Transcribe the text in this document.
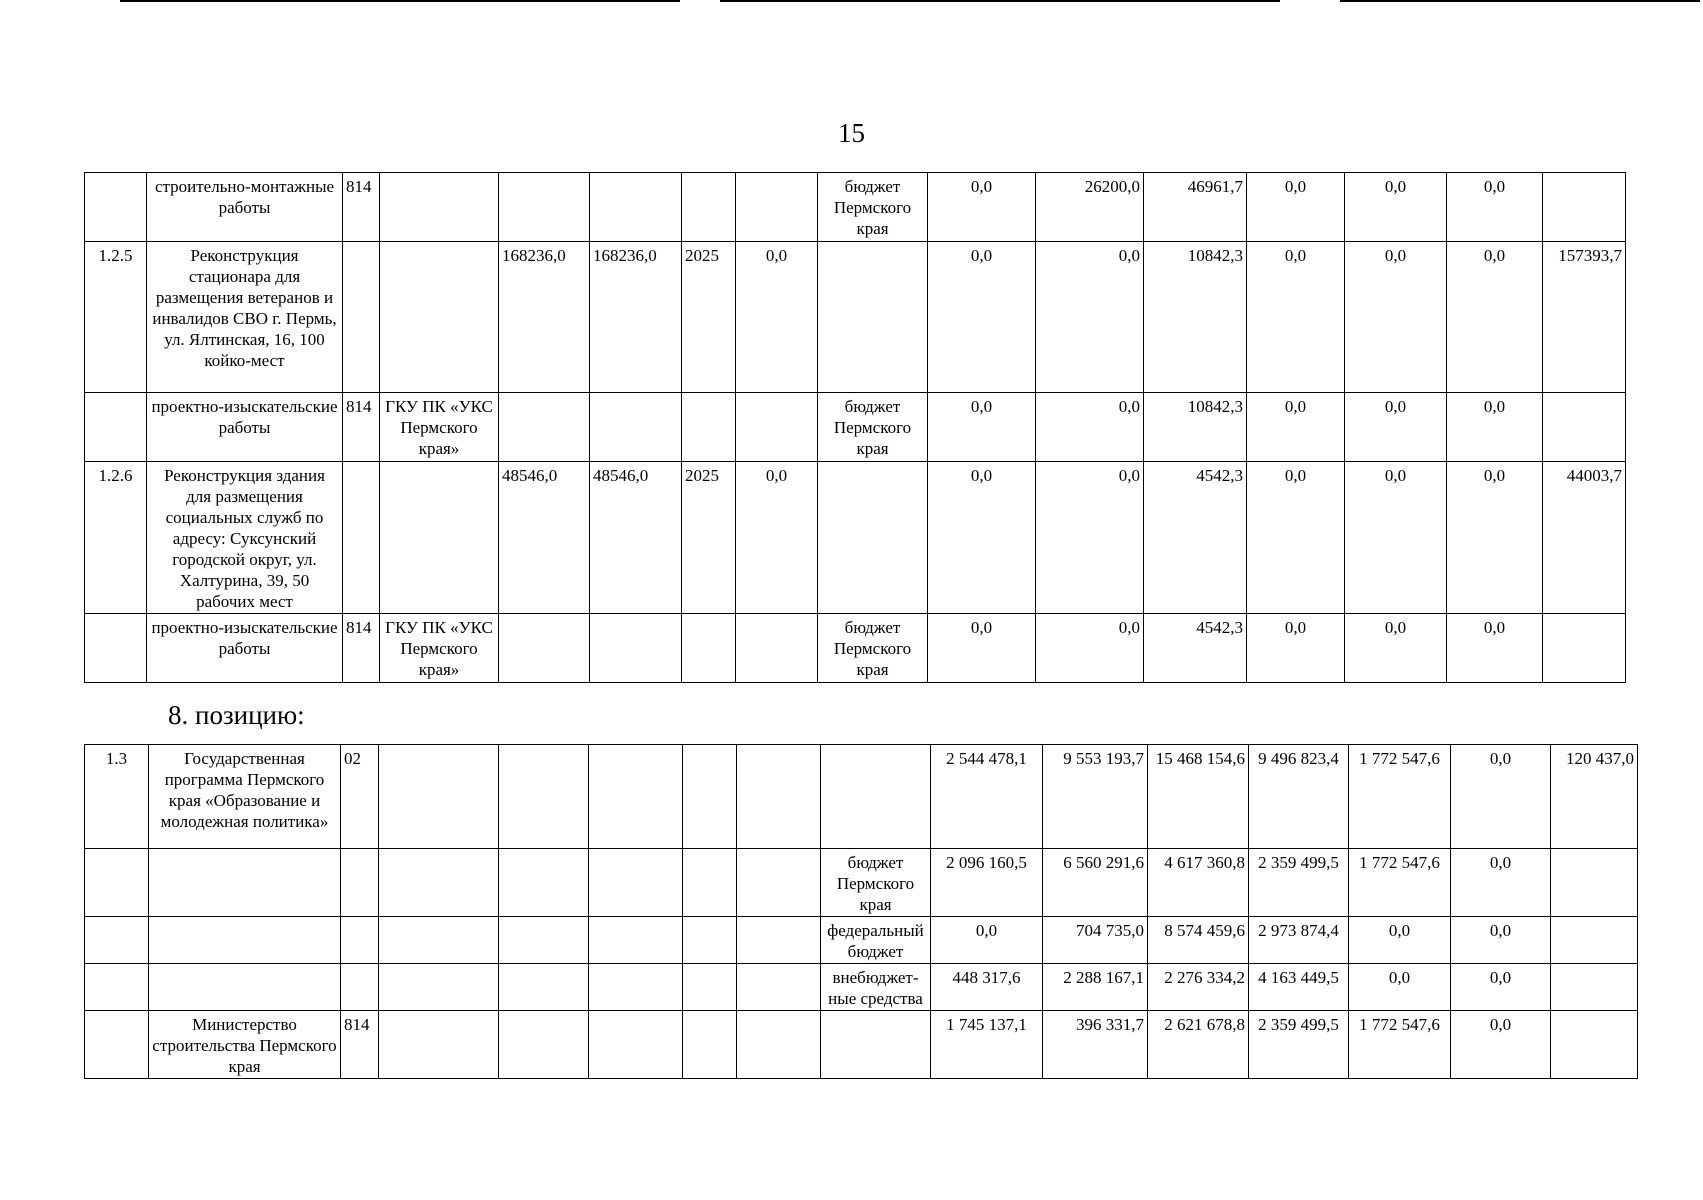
15
	строительно-монтажные работы	814						бюджет Пермского края	0,0	26200,0	46961,7	0,0	0,0	0,0	
1.2.5	Реконструкция стационара для размещения ветеранов и инвалидов СВО г. Пермь, ул. Ялтинская, 16, 100 койко-мест			168236,0	168236,0	2025	0,0		0,0	0,0	10842,3	0,0	0,0	0,0	157393,7
	проектно-изыскательские работы	814	ГКУ ПК «УКС Пермского края»					бюджет Пермского края	0,0	0,0	10842,3	0,0	0,0	0,0	
1.2.6	Реконструкция здания для размещения социальных служб по адресу: Суксунский городской округ, ул. Халтурина, 39, 50 рабочих мест			48546,0	48546,0	2025	0,0		0,0	0,0	4542,3	0,0	0,0	0,0	44003,7
	проектно-изыскательские работы	814	ГКУ ПК «УКС Пермского края»					бюджет Пермского края	0,0	0,0	4542,3	0,0	0,0	0,0	
8. позицию:
1.3	Государственная программа Пермского края «Образование и молодежная политика»	02							2 544 478,1	9 553 193,7	15 468 154,6	9 496 823,4	1 772 547,6	0,0	120 437,0
								бюджет Пермского края	2 096 160,5	6 560 291,6	4 617 360,8	2 359 499,5	1 772 547,6	0,0	
								федеральный бюджет	0,0	704 735,0	8 574 459,6	2 973 874,4	0,0	0,0	
								внебюджет-ные средства	448 317,6	2 288 167,1	2 276 334,2	4 163 449,5	0,0	0,0	
	Министерство строительства Пермского края	814							1 745 137,1	396 331,7	2 621 678,8	2 359 499,5	1 772 547,6	0,0	
